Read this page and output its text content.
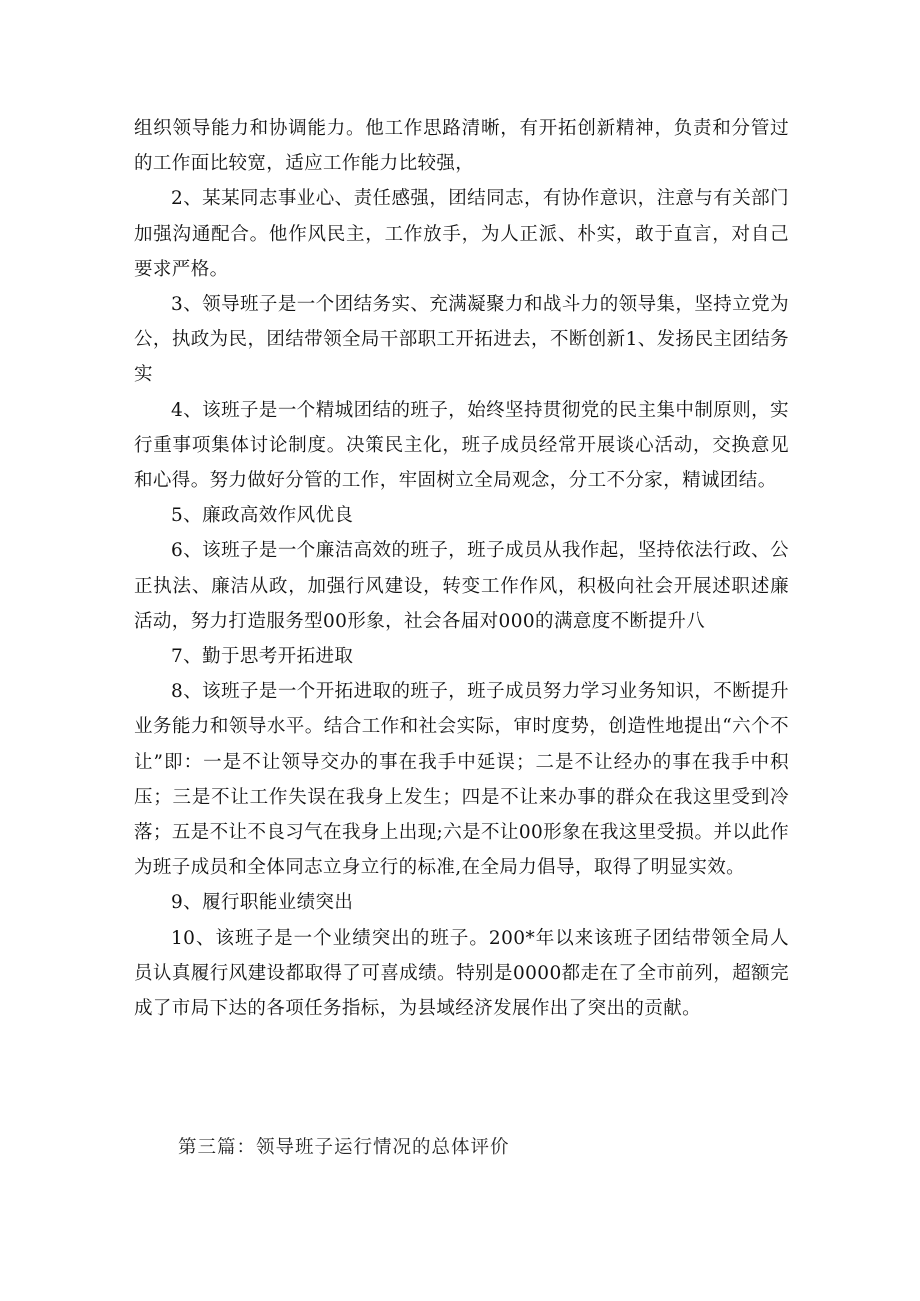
组织领导能力和协调能力。他工作思路清晰，有开拓创新精神，负责和分管过的工作面比较宽，适应工作能力比较强，

2、某某同志事业心、责任感强，团结同志，有协作意识，注意与有关部门加强沟通配合。他作风民主，工作放手，为人正派、朴实，敢于直言，对自己要求严格。

3、领导班子是一个团结务实、充满凝聚力和战斗力的领导集，坚持立党为公，执政为民，团结带领全局干部职工开拓进去，不断创新1、发扬民主团结务实

4、该班子是一个精城团结的班子，始终坚持贯彻党的民主集中制原则，实行重事项集体讨论制度。决策民主化，班子成员经常开展谈心活动，交换意见和心得。努力做好分管的工作，牢固树立全局观念，分工不分家，精诚团结。

5、廉政高效作风优良

6、该班子是一个廉洁高效的班子，班子成员从我作起，坚持依法行政、公正执法、廉洁从政，加强行风建设，转变工作作风，积极向社会开展述职述廉活动，努力打造服务型00形象，社会各届对000的满意度不断提升八

7、勤于思考开拓进取

8、该班子是一个开拓进取的班子，班子成员努力学习业务知识，不断提升业务能力和领导水平。结合工作和社会实际，审时度势，创造性地提出“六个不让”即：一是不让领导交办的事在我手中延误；二是不让经办的事在我手中积压；三是不让工作失误在我身上发生；四是不让来办事的群众在我这里受到冷落；五是不让不良习气在我身上出现;六是不让00形象在我这里受损。并以此作为班子成员和全体同志立身立行的标准,在全局力倡导，取得了明显实效。

9、履行职能业绩突出

10、该班子是一个业绩突出的班子。200*年以来该班子团结带领全局人员认真履行风建设都取得了可喜成绩。特别是0000都走在了全市前列，超额完成了市局下达的各项任务指标，为县域经济发展作出了突出的贡献。

第三篇：领导班子运行情况的总体评价
